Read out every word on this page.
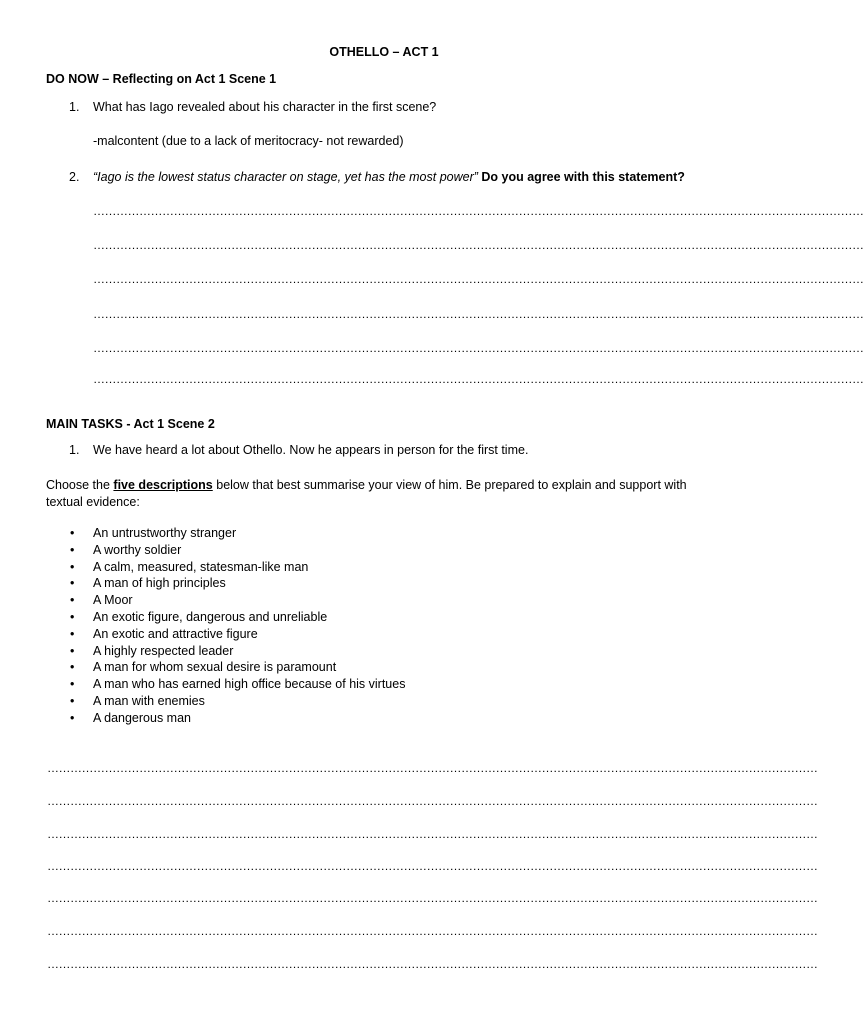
OTHELLO – ACT 1
DO NOW – Reflecting on Act 1 Scene 1
1. What has Iago revealed about his character in the first scene?
-malcontent (due to a lack of meritocracy- not rewarded)
2. “Iago is the lowest status character on stage, yet has the most power” Do you agree with this statement?
…………………………………………………………………………………………………………………………………………………………………………………
…………………………………………………………………………………………………………………………………………………………………………………
…………………………………………………………………………………………………………………………………………………………………………………
…………………………………………………………………………………………………………………………………………………………………………………
…………………………………………………………………………………………………………………………………………………………………………………
…………………………………………………………………………………………………………………………………………………………………………………
MAIN TASKS - Act 1 Scene 2
1. We have heard a lot about Othello. Now he appears in person for the first time.
Choose the five descriptions below that best summarise your view of him. Be prepared to explain and support with textual evidence:
• An untrustworthy stranger
• A worthy soldier
• A calm, measured, statesman-like man
• A man of high principles
• A Moor
• An exotic figure, dangerous and unreliable
• An exotic and attractive figure
• A highly respected leader
• A man for whom sexual desire is paramount
• A man who has earned high office because of his virtues
• A man with enemies
• A dangerous man
…………………………………………………………………………………………………………………………………………………………………………………
…………………………………………………………………………………………………………………………………………………………………………………
…………………………………………………………………………………………………………………………………………………………………………………
…………………………………………………………………………………………………………………………………………………………………………………
…………………………………………………………………………………………………………………………………………………………………………………
…………………………………………………………………………………………………………………………………………………………………………………
…………………………………………………………………………………………………………………………………………………………………………………
